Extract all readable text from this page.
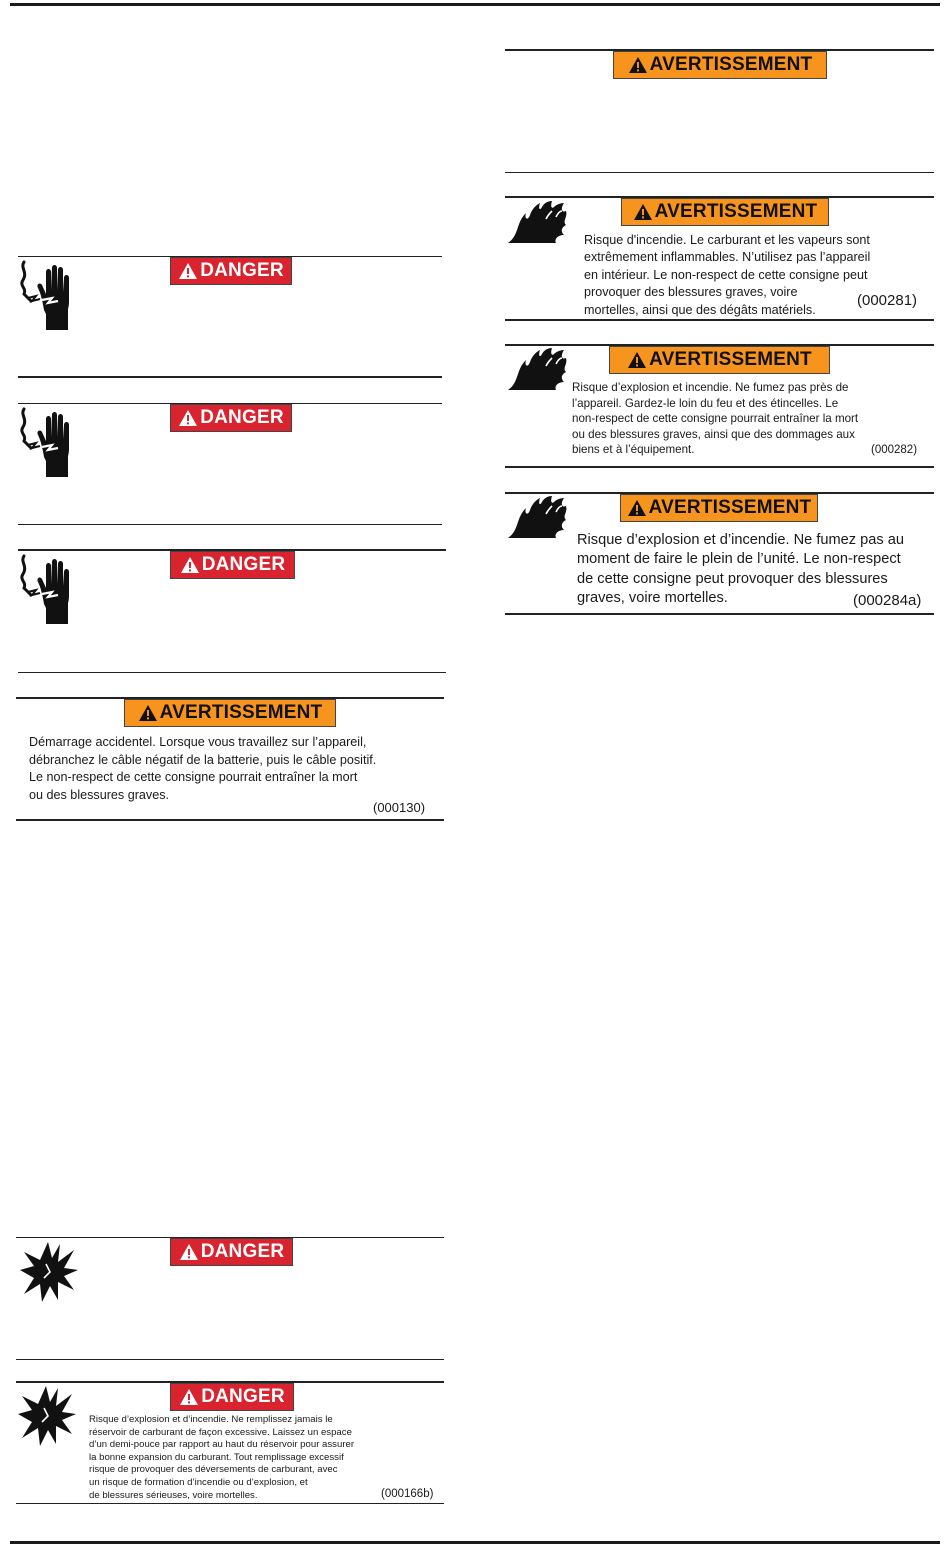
DANGER
DANGER
DANGER
AVERTISSEMENT
Démarrage accidentel. Lorsque vous travaillez sur l’appareil,
débranchez le câble négatif de la batterie, puis le câble positif.
Le non-respect de cette consigne pourrait entraîner la mort
ou des blessures graves.
(000130)
DANGER
DANGER
Risque d’explosion et d’incendie. Ne remplissez jamais le
réservoir de carburant de façon excessive. Laissez un espace
d’un demi-pouce par rapport au haut du réservoir pour assurer
la bonne expansion du carburant. Tout remplissage excessif
risque de provoquer des déversements de carburant, avec
un risque de formation d’incendie ou d’explosion, et
de blessures sérieuses, voire mortelles.	(000166b)
AVERTISSEMENT
AVERTISSEMENT
Risque d'incendie. Le carburant et les vapeurs sont
extrêmement inflammables. N’utilisez pas l’appareil
en intérieur. Le non-respect de cette consigne peut
provoquer des blessures graves, voire
mortelles, ainsi que des dégâts matériels.
(000281)
AVERTISSEMENT
Risque d’explosion et incendie. Ne fumez pas près de
l’appareil. Gardez-le loin du feu et des étincelles. Le
non-respect de cette consigne pourrait entraîner la mort
ou des blessures graves, ainsi que des dommages aux
biens et à l’équipement.	(000282)
AVERTISSEMENT
Risque d’explosion et d’incendie. Ne fumez pas au
moment de faire le plein de l’unité. Le non-respect
de cette consigne peut provoquer des blessures
graves, voire mortelles.	(000284a)
